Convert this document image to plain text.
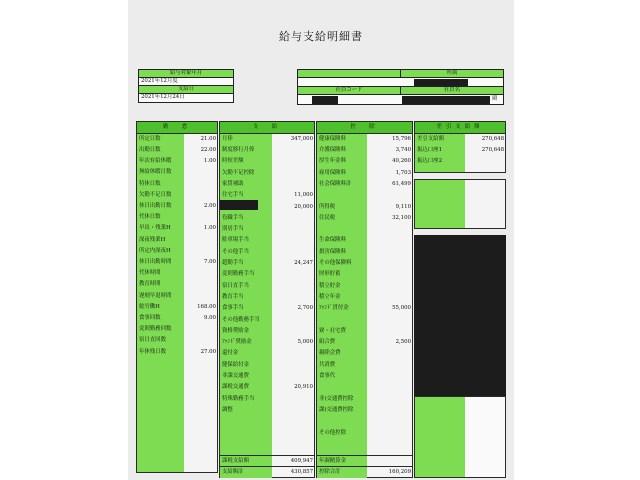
給与支給明細書
給与対象年月
2021年12月度
支給日
2021年12月24日
所属
社員コード	社員名
殿
勤　怠
所定日数	21.00
出勤日数	22.00
年次有給休暇	1.00
無給休暇日数
特休日数
欠勤不足日数
休日出勤日数	2.00
代休日数
早出・残業H	1.00
深夜残業H
所定内深夜H
休日出勤時間	7.00
代休時間
教育時間
遅刻早退時間
総労働H	168.00
食事回数	9.00
変則勤務回数
宿日直回数
年休残日数	27.00
支　給
課税支給額	409,947
支給額計	430,857
月俸	347,000
制度移行月俸
時短差額
欠勤不足控除
家賃補助
住宅手当	11,000
20,000
役職手当
別居手当
駐車場手当
その他手当
超勤手当	24,247
変則勤務手当
宿日直手当
教育手当
食事手当	2,700
その他勤務手当
資格奨励金
ﾌｧﾝﾄﾞ奨励金	5,000
還付金
健保給付金
非課交通費
課税交通費	20,910
特殊勤務手当
調整
控　除
年調精算金
控除合計	160,209
健康保険料	15,796
介護保険料	3,740
厚生年金料	40,260
雇用保険料	1,703
社会保険料計	61,499
所得税	9,110
住民税	32,100
生命保険料
損害保険料
その他保険料
財形貯蓄
積立貯金
積立年金
ﾌｧﾝﾄﾞ貫付金	55,000
寮・社宅費
組合費	2,500
親睦会費
共済費
食事代
非)交通費控除
課)交通費控除
その他控除
差引支給額
差引支給額	270,648
振込口座1	270,648
振込口座2
